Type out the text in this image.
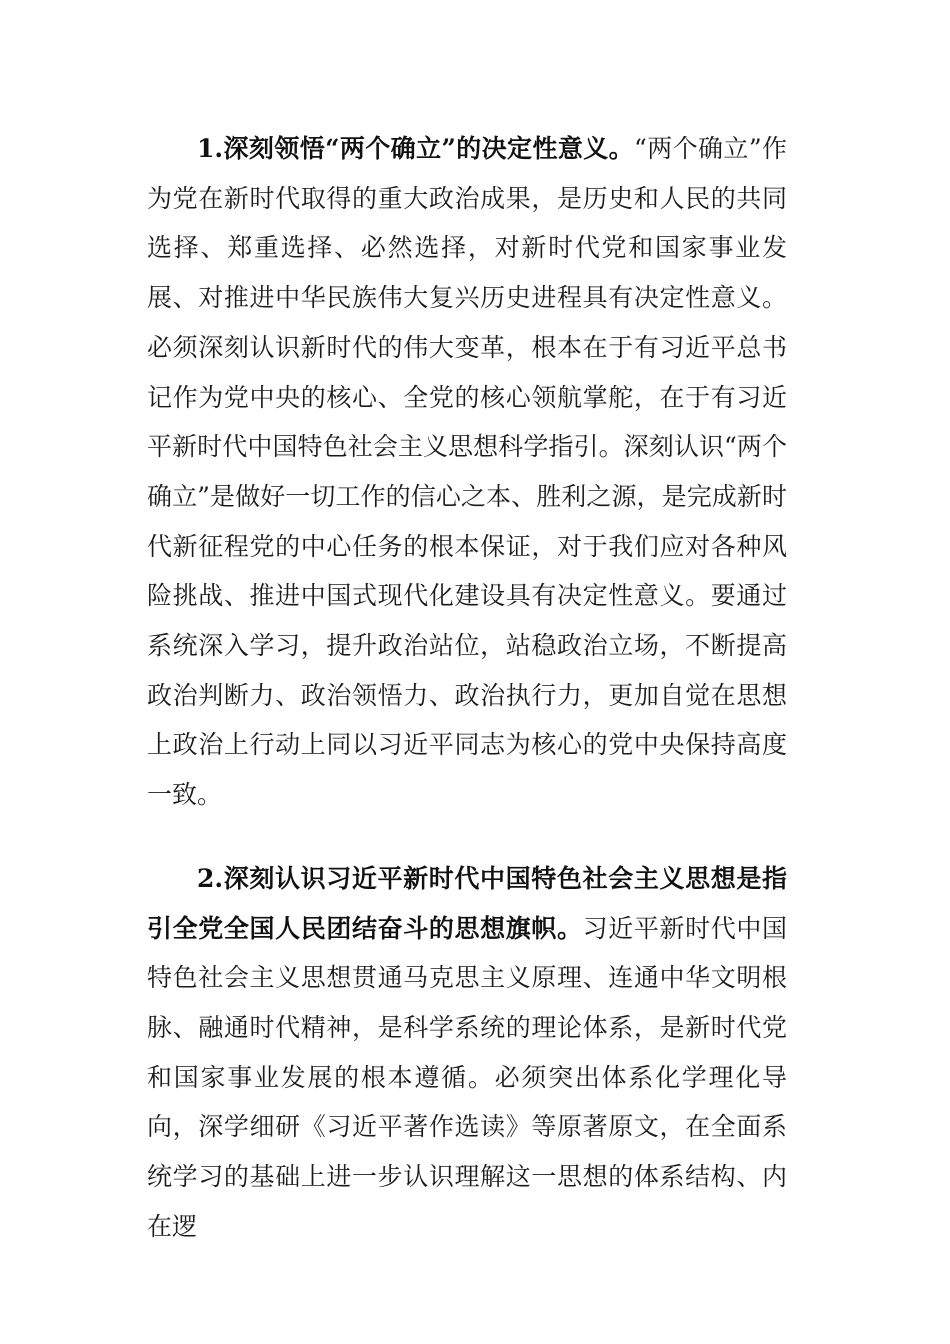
1.深刻领悟“两个确立”的决定性意义。“两个确立”作为党在新时代取得的重大政治成果，是历史和人民的共同选择、郑重选择、必然选择，对新时代党和国家事业发展、对推进中华民族伟大复兴历史进程具有决定性意义。必须深刻认识新时代的伟大变革，根本在于有习近平总书记作为党中央的核心、全党的核心领航掌舵，在于有习近平新时代中国特色社会主义思想科学指引。深刻认识“两个确立”是做好一切工作的信心之本、胜利之源，是完成新时代新征程党的中心任务的根本保证，对于我们应对各种风险挑战、推进中国式现代化建设具有决定性意义。要通过系统深入学习，提升政治站位，站稳政治立场，不断提高政治判断力、政治领悟力、政治执行力，更加自觉在思想上政治上行动上同以习近平同志为核心的党中央保持高度一致。

2.深刻认识习近平新时代中国特色社会主义思想是指引全党全国人民团结奋斗的思想旗帜。习近平新时代中国特色社会主义思想贯通马克思主义原理、连通中华文明根脉、融通时代精神，是科学系统的理论体系，是新时代党和国家事业发展的根本遵循。必须突出体系化学理化导向，深学细研《习近平著作选读》等原著原文，在全面系统学习的基础上进一步认识理解这一思想的体系结构、内在逻
